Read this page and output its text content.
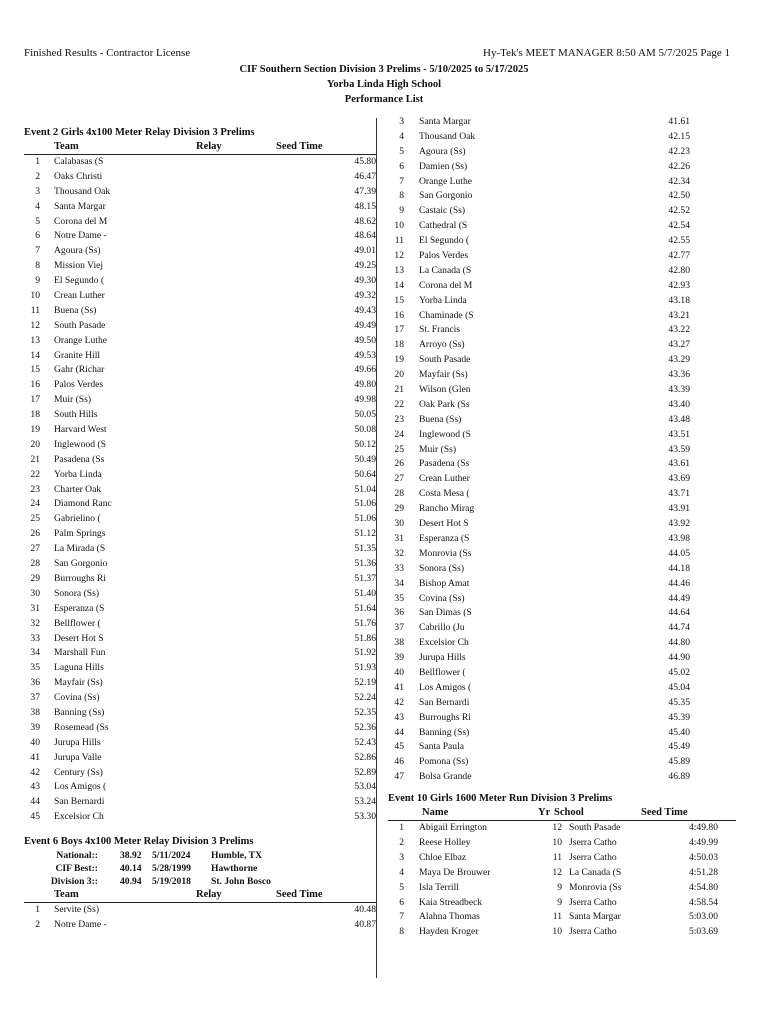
Finished Results - Contractor License	Hy-Tek's MEET MANAGER 8:50 AM 5/7/2025 Page 1
CIF Southern Section Division 3 Prelims - 5/10/2025 to 5/17/2025
Yorba Linda High School
Performance List
Event 2 Girls 4x100 Meter Relay Division 3 Prelims
Team	Relay	Seed Time
1 Calabasas (S	45.80
2 Oaks Christi	46.47
3 Thousand Oak	47.39
4 Santa Margar	48.15
5 Corona del M	48.62
6 Notre Dame -	48.64
7 Agoura (Ss)	49.01
8 Mission Viej	49.25
9 El Segundo (	49.30
10 Crean Luther	49.32
11 Buena (Ss)	49.43
12 South Pasade	49.49
13 Orange Luthe	49.50
14 Granite Hill	49.53
15 Gahr (Richar	49.66
16 Palos Verdes	49.80
17 Muir (Ss)	49.98
18 South Hills	50.05
19 Harvard West	50.08
20 Inglewood (S	50.12
21 Pasadena (Ss	50.49
22 Yorba Linda	50.64
23 Charter Oak	51.04
24 Diamond Ranc	51.06
25 Gabrielino (	51.06
26 Palm Springs	51.12
27 La Mirada (S	51.35
28 San Gorgonio	51.36
29 Burroughs Ri	51.37
30 Sonora (Ss)	51.40
31 Esperanza (S	51.64
32 Bellflower (	51.76
33 Desert Hot S	51.86
34 Marshall Fun	51.92
35 Laguna Hills	51.93
36 Mayfair (Ss)	52.19
37 Covina (Ss)	52.24
38 Banning (Ss)	52.35
39 Rosemead (Ss	52.36
40 Jurupa Hills	52.43
41 Jurupa Valle	52.86
42 Century (Ss)	52.89
43 Los Amigos (	53.04
44 San Bernardi	53.24
45 Excelsior Ch	53.30
Event 6 Boys 4x100 Meter Relay Division 3 Prelims
National:: 38.92 5/11/2024 Humble, TX
CIF Best:: 40.14 5/28/1999 Hawthorne
Division 3:: 40.94 5/19/2018 St. John Bosco
Team	Relay	Seed Time
1 Servite (Ss)	40.48
2 Notre Dame -	40.87
3 Santa Margar	41.61
4 Thousand Oak	42.15
5 Agoura (Ss)	42.23
6 Damien (Ss)	42.26
7 Orange Luthe	42.34
8 San Gorgonio	42.50
9 Castaic (Ss)	42.52
10 Cathedral (S	42.54
11 El Segundo (	42.55
12 Palos Verdes	42.77
13 La Canada (S	42.80
14 Corona del M	42.93
15 Yorba Linda	43.18
16 Chaminade (S	43.21
17 St. Francis	43.22
18 Arroyo (Ss)	43.27
19 South Pasade	43.29
20 Mayfair (Ss)	43.36
21 Wilson (Glen	43.39
22 Oak Park (Ss	43.40
23 Buena (Ss)	43.48
24 Inglewood (S	43.51
25 Muir (Ss)	43.59
26 Pasadena (Ss	43.61
27 Crean Luther	43.69
28 Costa Mesa (	43.71
29 Rancho Mirag	43.91
30 Desert Hot S	43.92
31 Esperanza (S	43.98
32 Monrovia (Ss	44.05
33 Sonora (Ss)	44.18
34 Bishop Amat	44.46
35 Covina (Ss)	44.49
36 San Dimas (S	44.64
37 Cabrillo (Ju	44.74
38 Excelsior Ch	44.80
39 Jurupa Hills	44.90
40 Bellflower (	45.02
41 Los Amigos (	45.04
42 San Bernardi	45.35
43 Burroughs Ri	45.39
44 Banning (Ss)	45.40
45 Santa Paula	45.49
46 Pomona (Ss)	45.89
47 Bolsa Grande	46.89
Event 10 Girls 1600 Meter Run Division 3 Prelims
Name	Yr School	Seed Time
1 Abigail Errington	12 South Pasade	4:49.80
2 Reese Holley	10 Jserra Catho	4:49.99
3 Chloe Elbaz	11 Jserra Catho	4:50.03
4 Maya De Brouwer	12 La Canada (S	4:51.28
5 Isla Terrill	9 Monrovia (Ss	4:54.80
6 Kaia Streadbeck	9 Jserra Catho	4:58.54
7 Alahna Thomas	11 Santa Margar	5:03.00
8 Hayden Kroger	10 Jserra Catho	5:03.69
